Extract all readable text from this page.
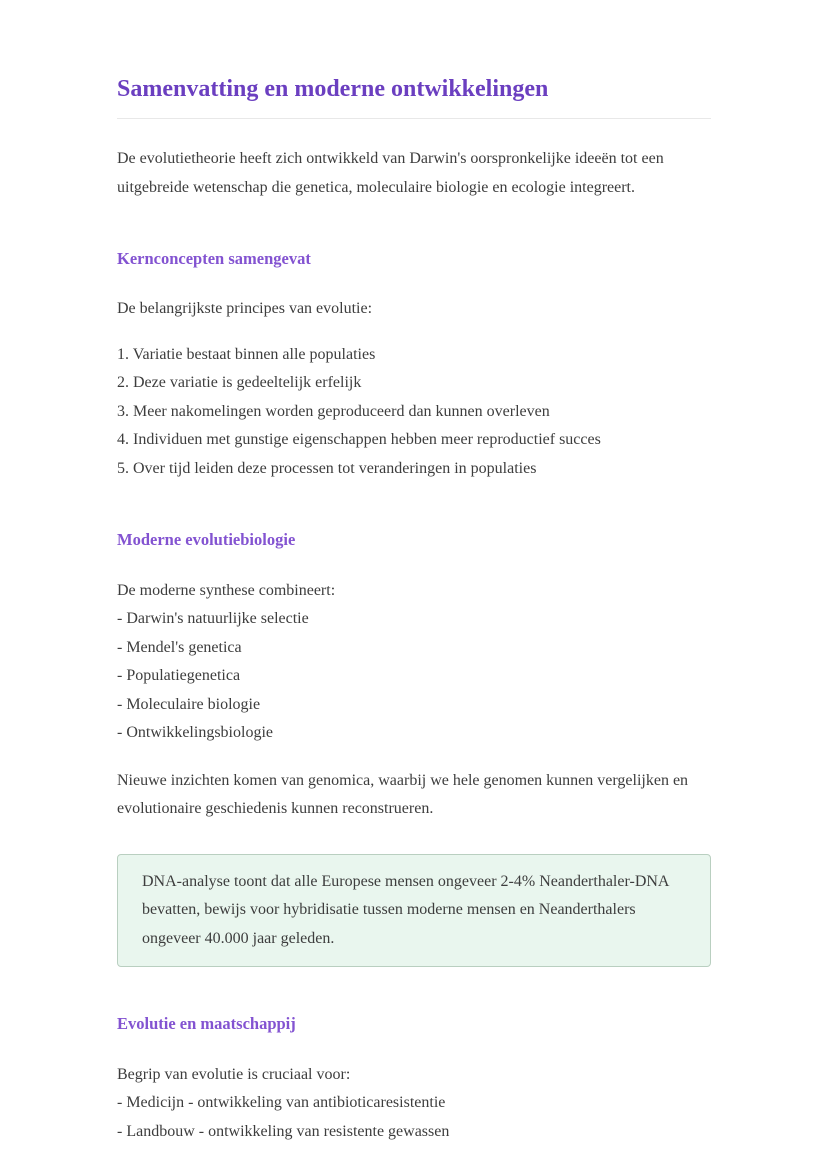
Samenvatting en moderne ontwikkelingen

De evolutietheorie heeft zich ontwikkeld van Darwin's oorspronkelijke ideeën tot een uitgebreide wetenschap die genetica, moleculaire biologie en ecologie integreert.

Kernconcepten samengevat

De belangrijkste principes van evolutie:

1. Variatie bestaat binnen alle populaties
2. Deze variatie is gedeeltelijk erfelijk
3. Meer nakomelingen worden geproduceerd dan kunnen overleven
4. Individuen met gunstige eigenschappen hebben meer reproductief succes
5. Over tijd leiden deze processen tot veranderingen in populaties
Moderne evolutiebiologie
De moderne synthese combineert:
- Darwin's natuurlijke selectie
- Mendel's genetica
- Populatiegenetica
- Moleculaire biologie
- Ontwikkelingsbiologie

Nieuwe inzichten komen van genomica, waarbij we hele genomen kunnen vergelijken en evolutionaire geschiedenis kunnen reconstrueren.

DNA-analyse toont dat alle Europese mensen ongeveer 2-4% Neanderthaler-DNA bevatten, bewijs voor hybridisatie tussen moderne mensen en Neanderthalers ongeveer 40.000 jaar geleden.

Evolutie en maatschappij
Begrip van evolutie is cruciaal voor:
- Medicijn - ontwikkeling van antibioticaresistentie
- Landbouw - ontwikkeling van resistente gewassen
